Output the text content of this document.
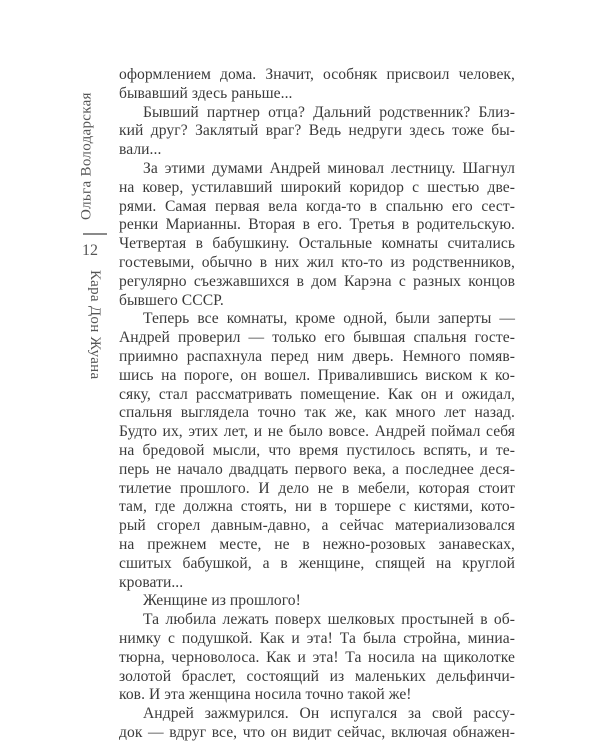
Ольга Володарская
12
Кара Дон Жуана
оформлением дома. Значит, особняк присвоил человек,
бывавший здесь раньше...
Бывший партнер отца? Дальний родственник? Близ-
кий друг? Заклятый враг? Ведь недруги здесь тоже бы-
вали...
За этими думами Андрей миновал лестницу. Шагнул
на ковер, устилавший широкий коридор с шестью две-
рями. Самая первая вела когда-то в спальню его сест-
ренки Марианны. Вторая в его. Третья в родительскую.
Четвертая в бабушкину. Остальные комнаты считались
гостевыми, обычно в них жил кто-то из родственников,
регулярно съезжавшихся в дом Карэна с разных концов
бывшего СССР.
Теперь все комнаты, кроме одной, были заперты —
Андрей проверил — только его бывшая спальня госте-
приимно распахнула перед ним дверь. Немного помяв-
шись на пороге, он вошел. Привалившись виском к ко-
сяку, стал рассматривать помещение. Как он и ожидал,
спальня выглядела точно так же, как много лет назад.
Будто их, этих лет, и не было вовсе. Андрей поймал себя
на бредовой мысли, что время пустилось вспять, и те-
перь не начало двадцать первого века, а последнее деся-
тилетие прошлого. И дело не в мебели, которая стоит
там, где должна стоять, ни в торшере с кистями, кото-
рый сгорел давным-давно, а сейчас материализовался
на прежнем месте, не в нежно-розовых занавесках,
сшитых бабушкой, а в женщине, спящей на круглой
кровати...
Женщине из прошлого!
Та любила лежать поверх шелковых простыней в об-
нимку с подушкой. Как и эта! Та была стройна, миниа-
тюрна, черноволоса. Как и эта! Та носила на щиколотке
золотой браслет, состоящий из маленьких дельфинчи-
ков. И эта женщина носила точно такой же!
Андрей зажмурился. Он испугался за свой рассу-
док — вдруг все, что он видит сейчас, включая обнажен-
